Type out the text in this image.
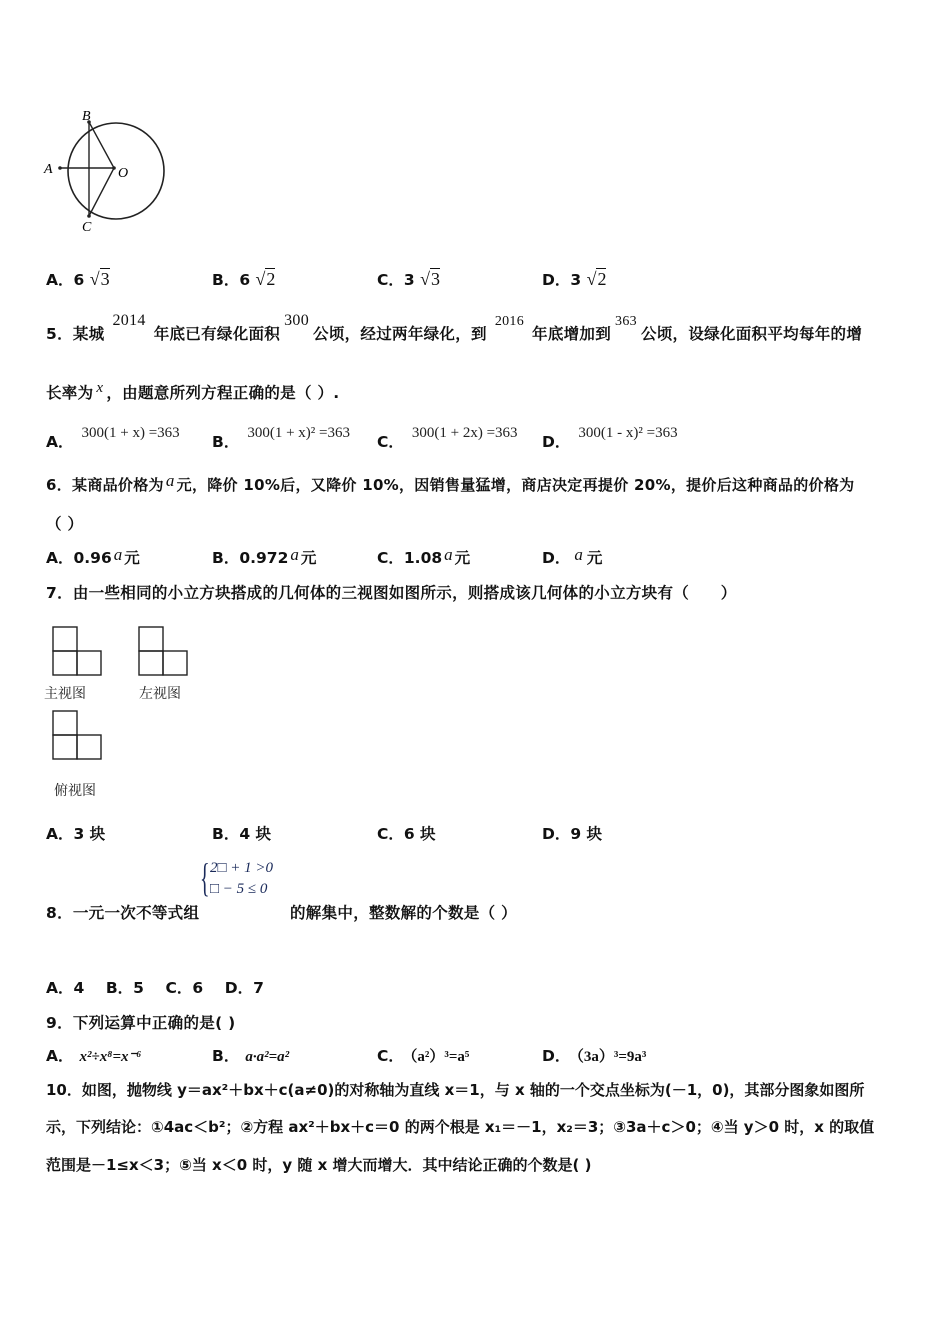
B
A	O
C
A．6 √3	B．6 √2	C．3 √3	D．3 √2
5．某城2014年底已有绿化面积300公顷，经过两年绿化，到2016年底增加到363公顷，设绿化面积平均每年的增
长率为 x ，由题意所列方程正确的是（ ）.
A． 300(1 + x) =363 B． 300(1 + x)² =363 C． 300(1 + 2x) =363 D． 300(1 - x)² =363
6．某商品价格为 a 元，降价 10%后，又降价 10%，因销售量猛增，商店决定再提价 20%，提价后这种商品的价格为
（ ）
A．0.96 a 元	B．0.972 a 元	C．1.08 a 元	D． a 元
7．由一些相同的小立方块搭成的几何体的三视图如图所示，则搭成该几何体的小立方块有（　　）
主视图	左视图
俯视图
A．3 块	B．4 块	C．6 块	D．9 块
{ 2□ + 1 >0
□ − 5 ≤ 0
8．一元一次不等式组	的解集中，整数解的个数是（ ）
A．4    B．5    C．6    D．7
9．下列运算中正确的是( )
A． x²÷x⁸=x⁻⁶	B． a·a²=a²	C． （a²）³=a⁵	D． （3a）³=9a³
10．如图，抛物线 y＝ax²＋bx＋c(a≠0)的对称轴为直线 x＝1，与 x 轴的一个交点坐标为(－1，0)，其部分图象如图所
示，下列结论：①4ac＜b²；②方程 ax²＋bx＋c＝0 的两个根是 x₁＝－1，x₂＝3；③3a＋c＞0；④当 y＞0 时，x 的取值
范围是－1≤x＜3；⑤当 x＜0 时，y 随 x 增大而增大．其中结论正确的个数是( )
